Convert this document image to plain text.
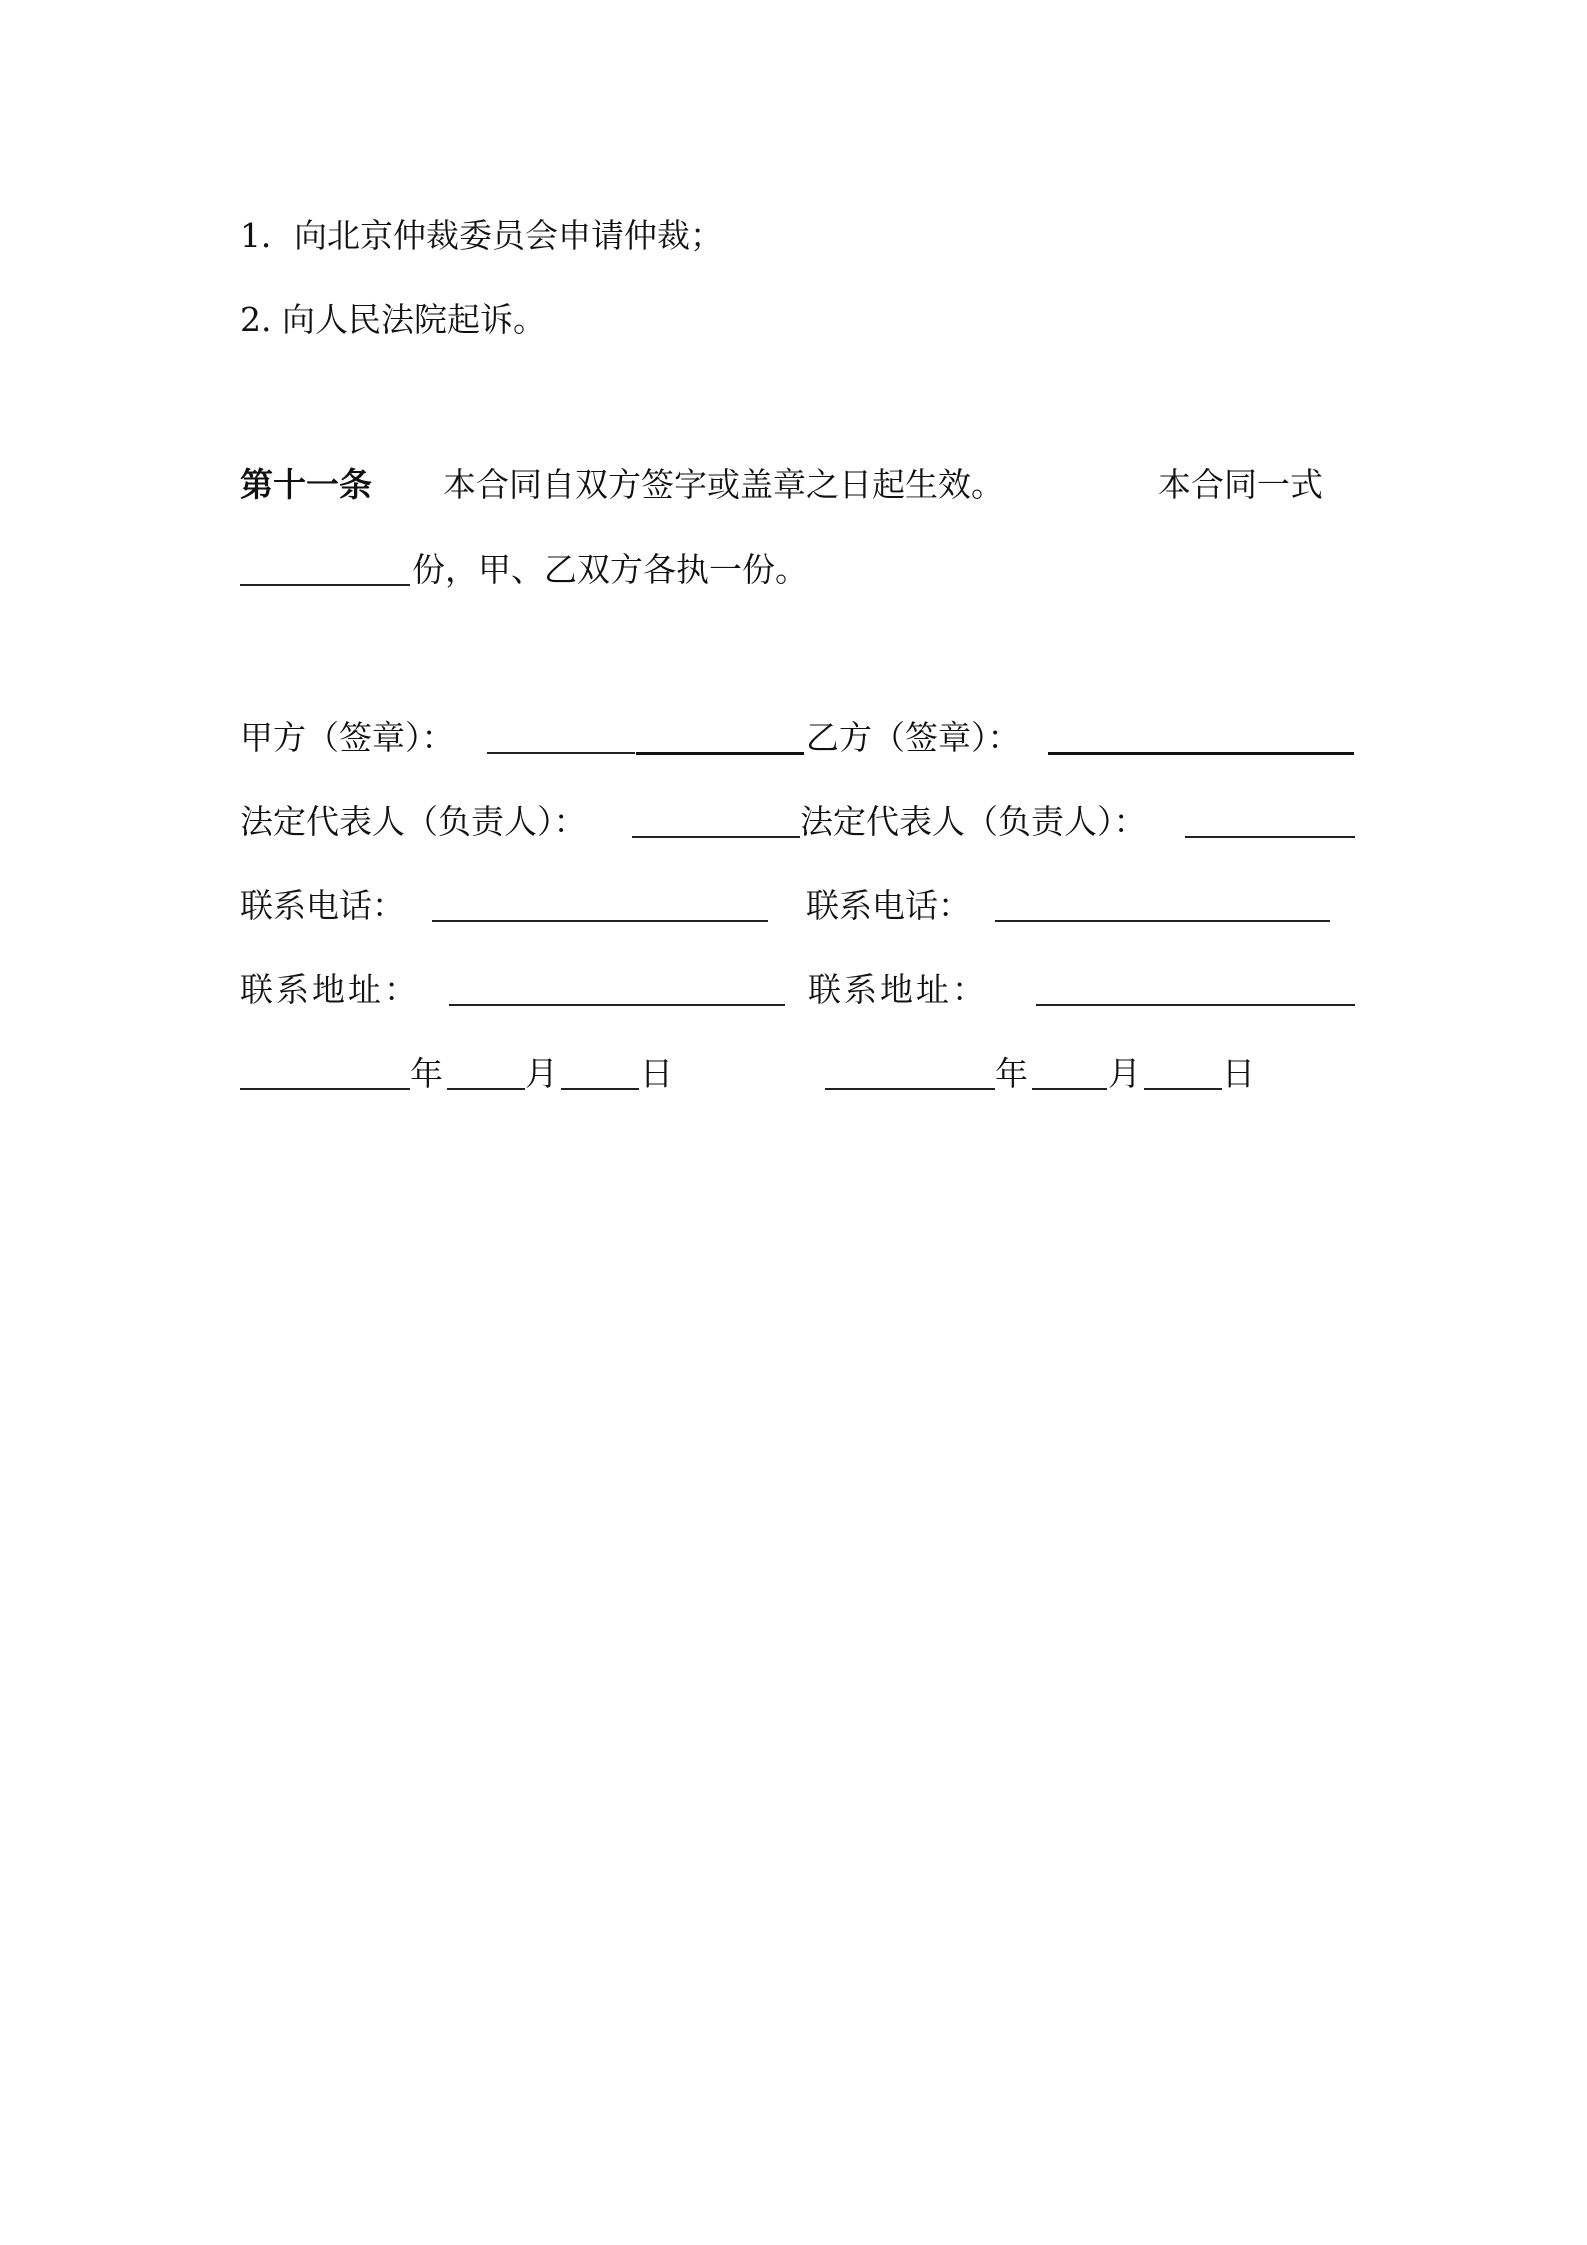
1．向北京仲裁委员会申请仲裁；
2. 向人民法院起诉。
第十一条 本合同自双方签字或盖章之日起生效。	本合同一式
份，甲、乙双方各执一份。
甲方（签章）：	乙方（签章）：
法定代表人（负责人）：	法定代表人（负责人）：
联系电话：	联系电话：
联系地址：	联系地址：
年 月 日	年 月 日
